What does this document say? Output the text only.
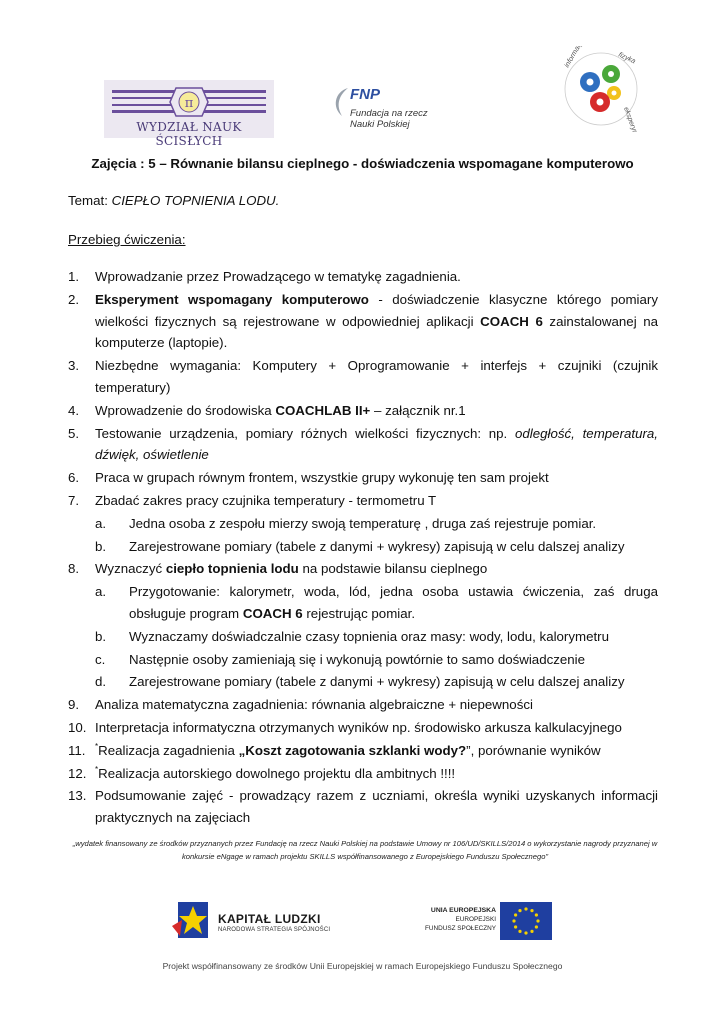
π
WYDZIAŁ NAUK ŚCISŁYCH
FNP
Fundacja na rzecz
Nauki Polskiej
informatyka	fizyka
eksperyment
Zajęcia : 5 – Równanie bilansu cieplnego - doświadczenia wspomagane komputerowo
Temat: CIEPŁO TOPNIENIA LODU.
Przebieg ćwiczenia:
1. Wprowadzanie przez Prowadzącego w tematykę zagadnienia.
2. Eksperyment wspomagany komputerowo - doświadczenie klasyczne którego pomiary wielkości fizycznych są rejestrowane w odpowiedniej aplikacji COACH 6 zainstalowanej na komputerze (laptopie).
3. Niezbędne wymagania: Komputery + Oprogramowanie + interfejs + czujniki (czujnik temperatury)
4. Wprowadzenie do środowiska COACHLAB II+ – załącznik nr.1
5. Testowanie urządzenia, pomiary różnych wielkości fizycznych: np. odległość, temperatura, dźwięk, oświetlenie
6. Praca w grupach równym frontem, wszystkie grupy wykonuję ten sam projekt
7. Zbadać zakres pracy czujnika temperatury - termometru T
a. Jedna osoba z zespołu mierzy swoją temperaturę , druga zaś rejestruje pomiar.
b. Zarejestrowane pomiary (tabele z danymi + wykresy) zapisują w celu dalszej analizy
8. Wyznaczyć ciepło topnienia lodu na podstawie bilansu cieplnego
a. Przygotowanie: kalorymetr, woda, lód, jedna osoba ustawia ćwiczenia, zaś druga obsługuje program COACH 6 rejestrując pomiar.
b. Wyznaczamy doświadczalnie czasy topnienia oraz masy: wody, lodu, kalorymetru
c. Następnie osoby zamieniają się i wykonują powtórnie to samo doświadczenie
d. Zarejestrowane pomiary (tabele z danymi + wykresy) zapisują w celu dalszej analizy
9. Analiza matematyczna zagadnienia: równania algebraiczne + niepewności
10. Interpretacja informatyczna otrzymanych wyników np. środowisko arkusza kalkulacyjnego
11. *Realizacja zagadnienia „Koszt zagotowania szklanki wody?”, porównanie wyników
12. *Realizacja autorskiego dowolnego projektu dla ambitnych !!!!
13. Podsumowanie zajęć - prowadzący razem z uczniami, określa wyniki uzyskanych informacji praktycznych na zajęciach
„wydatek finansowany ze środków przyznanych przez Fundację na rzecz Nauki Polskiej na podstawie Umowy nr 106/UD/SKILLS/2014 o wykorzystanie nagrody przyznanej w konkursie eNgage w ramach projektu SKILLS współfinansowanego z Europejskiego Funduszu Społecznego”
KAPITAŁ LUDZKI
NARODOWA STRATEGIA SPÓJNOŚCI
UNIA EUROPEJSKA
EUROPEJSKI
FUNDUSZ SPOŁECZNY
Projekt współfinansowany ze środków Unii Europejskiej w ramach Europejskiego Funduszu Społecznego
